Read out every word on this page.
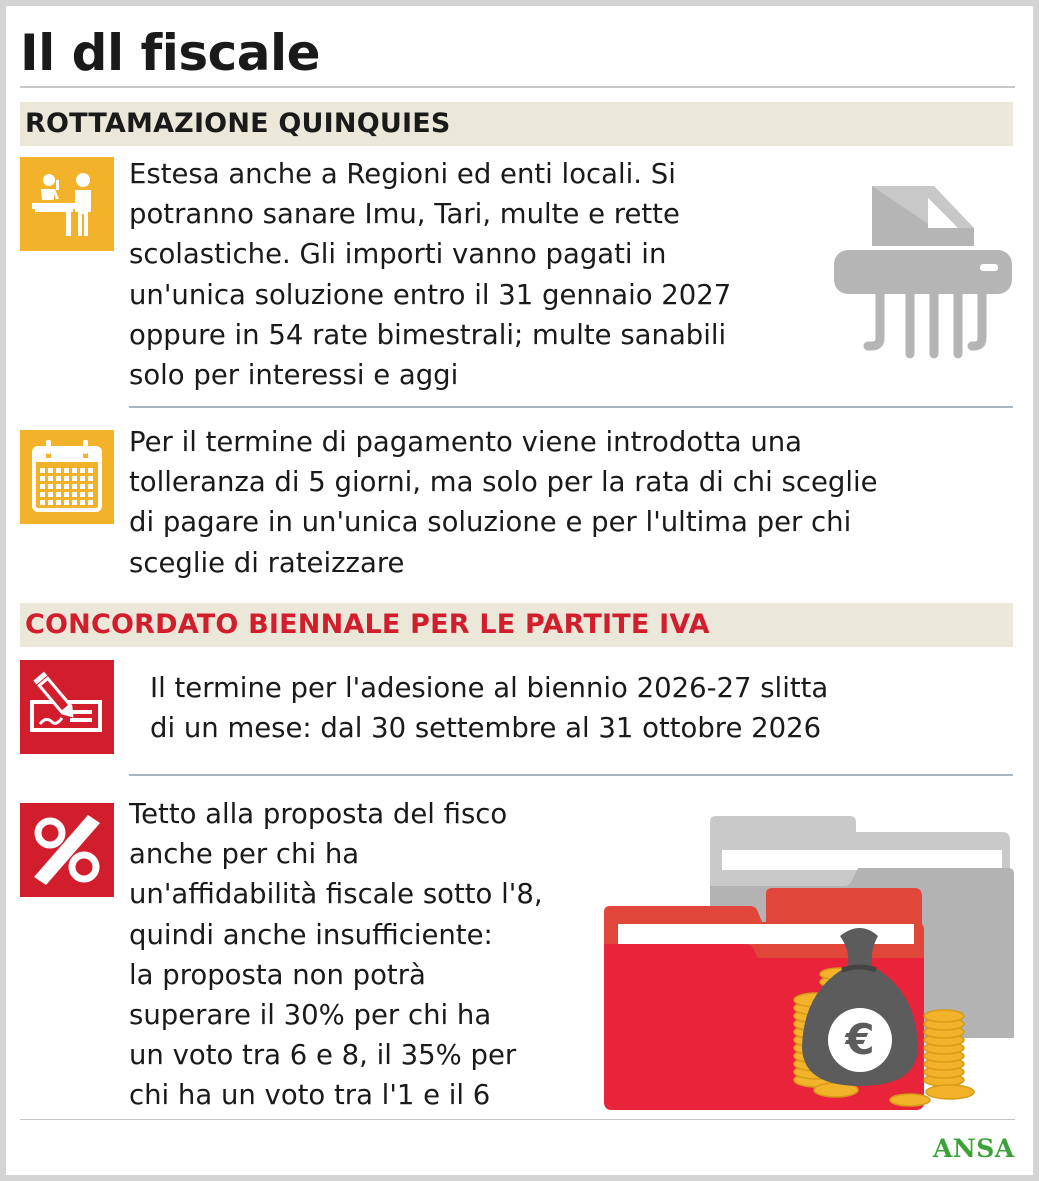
Il dl fiscale
ROTTAMAZIONE QUINQUIES
Estesa anche a Regioni ed enti locali. Si
potranno sanare Imu, Tari, multe e rette
scolastiche. Gli importi vanno pagati in
un'unica soluzione entro il 31 gennaio 2027
oppure in 54 rate bimestrali; multe sanabili
solo per interessi e aggi
Per il termine di pagamento viene introdotta una
tolleranza di 5 giorni, ma solo per la rata di chi sceglie
di pagare in un'unica soluzione e per l'ultima per chi
sceglie di rateizzare
CONCORDATO BIENNALE PER LE PARTITE IVA
Il termine per l'adesione al biennio 2026-27 slitta
di un mese: dal 30 settembre al 31 ottobre 2026
Tetto alla proposta del fisco
anche per chi ha
un'affidabilità fiscale sotto l'8,
quindi anche insufficiente:
la proposta non potrà
superare il 30% per chi ha
un voto tra 6 e 8, il 35% per
chi ha un voto tra l'1 e il 6
€
ANSA
